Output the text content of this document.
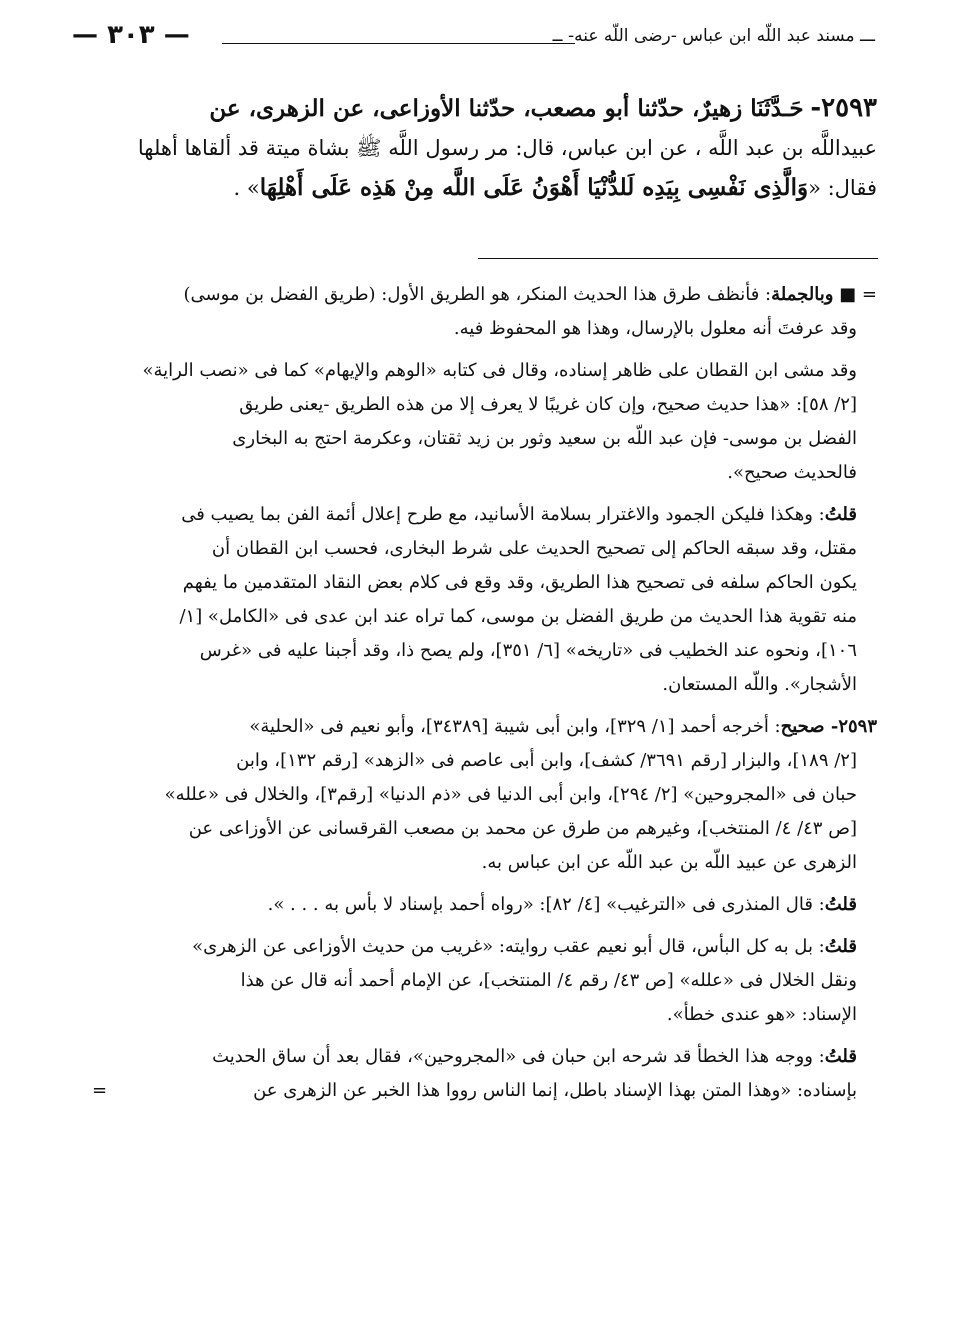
ـــ مسند عبد اللّه ابن عباس -رضى اللّه عنه- ــ
— ٣٠٣ —
٢٥٩٣- حَـدَّثَنَا زهيرٌ، حدّثنا أبو مصعب، حدّثنا الأوزاعى، عن الزهرى، عن
عبيداللَّه بن عبد اللَّه ، عن ابن عباس، قال: مر رسول اللَّه ﷺ بشاة ميتة قد ألقاها أهلها
فقال: «وَالَّذِى نَفْسِى بِيَدِه لَلدُّنْيَا أَهْوَنُ عَلَى اللَّه مِنْ هَذِه عَلَى أَهْلِهَا» .
= ■ وبالجملة: فأنظف طرق هذا الحديث المنكر، هو الطريق الأول: (طريق الفضل بن موسى)
وقد عرفتَ أنه معلول بالإرسال، وهذا هو المحفوظ فيه.
وقد مشى ابن القطان على ظاهر إسناده، وقال فى كتابه «الوهم والإيهام» كما فى «نصب الراية»
[٢/ ٥٨]: «هذا حديث صحيح، وإن كان غريبًا لا يعرف إلا من هذه الطريق -يعنى طريق
الفضل بن موسى- فإن عبد اللّه بن سعيد وثور بن زيد ثقتان، وعكرمة احتج به البخارى
فالحديث صحيح».
قلتُ: وهكذا فليكن الجمود والاغترار بسلامة الأسانيد، مع طرح إعلال أئمة الفن بما يصيب فى
مقتل، وقد سبقه الحاكم إلى تصحيح الحديث على شرط البخارى، فحسب ابن القطان أن
يكون الحاكم سلفه فى تصحيح هذا الطريق، وقد وقع فى كلام بعض النقاد المتقدمين ما يفهم
منه تقوية هذا الحديث من طريق الفضل بن موسى، كما تراه عند ابن عدى فى «الكامل» [١/
١٠٦]، ونحوه عند الخطيب فى «تاريخه» [٦/ ٣٥١]، ولم يصح ذا، وقد أجبنا عليه فى «غرس
الأشجار». واللّه المستعان.
٢٥٩٣- صحيح: أخرجه أحمد [١/ ٣٢٩]، وابن أبى شيبة [٣٤٣٨٩]، وأبو نعيم فى «الحلية»
[٢/ ١٨٩]، والبزار [رقم ٣٦٩١/ كشف]، وابن أبى عاصم فى «الزهد» [رقم ١٣٢]، وابن
حبان فى «المجروحين» [٢/ ٢٩٤]، وابن أبى الدنيا فى «ذم الدنيا» [رقم٣]، والخلال فى «علله»
[ص ٤٣/ ٤/ المنتخب]، وغيرهم من طرق عن محمد بن مصعب القرقسانى عن الأوزاعى عن
الزهرى عن عبيد اللّه بن عبد اللّه عن ابن عباس به.
قلتُ: قال المنذرى فى «الترغيب» [٤/ ٨٢]: «رواه أحمد بإسناد لا بأس به . . . ».
قلتُ: بل به كل البأس، قال أبو نعيم عقب روايته: «غريب من حديث الأوزاعى عن الزهرى»
ونقل الخلال فى «علله» [ص ٤٣/ رقم ٤/ المنتخب]، عن الإمام أحمد أنه قال عن هذا
الإسناد: «هو عندى خطأ».
قلتُ: ووجه هذا الخطأ قد شرحه ابن حبان فى «المجروحين»، فقال بعد أن ساق الحديث
بإسناده: «وهذا المتن بهذا الإسناد باطل، إنما الناس رووا هذا الخبر عن الزهرى عن
=
